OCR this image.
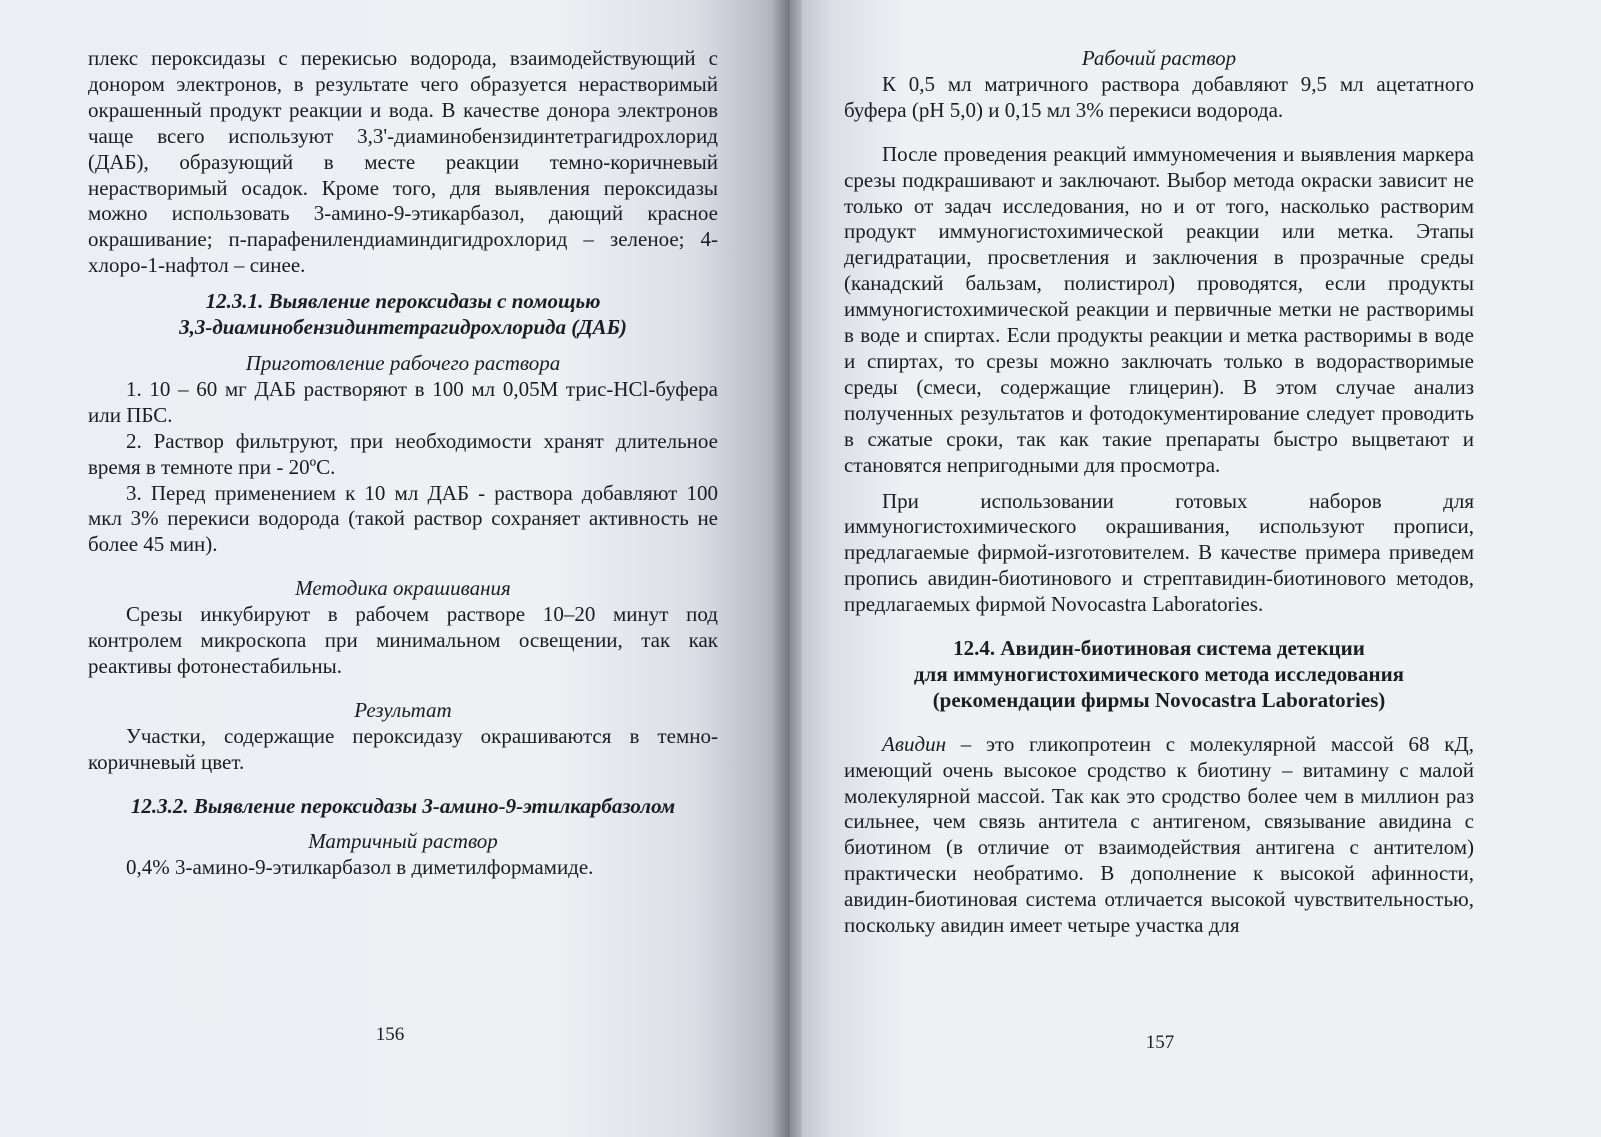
плекс пероксидазы с перекисью водорода, взаимодействующий с донором электронов, в результате чего образуется нерастворимый окрашенный продукт реакции и вода. В качестве донора электронов чаще всего используют 3,3'-диаминобензидинтетрагидрохлорид (ДАБ), образующий в месте реакции темно-коричневый нерастворимый осадок. Кроме того, для выявления пероксидазы можно использовать 3-амино-9-этикарбазол, дающий красное окрашивание; п-парафенилендиаминдигидрохлорид – зеленое; 4-хлоро-1-нафтол – синее.

12.3.1. Выявление пероксидазы с помощью

3,3-диаминобензидинтетрагидрохлорида (ДАБ)

Приготовление рабочего раствора

1. 10 – 60 мг ДАБ растворяют в 100 мл 0,05М трис-HCl-буфера или ПБС.

2. Раствор фильтруют, при необходимости хранят длительное время в темноте при - 20ºС.

3. Перед применением к 10 мл ДАБ - раствора добавляют 100 мкл 3% перекиси водорода (такой раствор сохраняет активность не более 45 мин).

Методика окрашивания

Срезы инкубируют в рабочем растворе 10–20 минут под контролем микроскопа при минимальном освещении, так как реактивы фотонестабильны.

Результат

Участки, содержащие пероксидазу окрашиваются в темно-коричневый цвет.

12.3.2. Выявление пероксидазы 3-амино-9-этилкарбазолом

Матричный раствор

0,4% 3-амино-9-этилкарбазол в диметилформамиде.

156

Рабочий раствор

К 0,5 мл матричного раствора добавляют 9,5 мл ацетатного буфера (рН 5,0) и 0,15 мл 3% перекиси водорода.

После проведения реакций иммуномечения и выявления маркера срезы подкрашивают и заключают. Выбор метода окраски зависит не только от задач исследования, но и от того, насколько растворим продукт иммуногистохимической реакции или метка. Этапы дегидратации, просветления и заключения в прозрачные среды (канадский бальзам, полистирол) проводятся, если продукты иммуногистохимической реакции и первичные метки не растворимы в воде и спиртах. Если продукты реакции и метка растворимы в воде и спиртах, то срезы можно заключать только в водорастворимые среды (смеси, содержащие глицерин). В этом случае анализ полученных результатов и фотодокументирование следует проводить в сжатые сроки, так как такие препараты быстро выцветают и становятся непригодными для просмотра.

При использовании готовых наборов для иммуногистохимического окрашивания, используют прописи, предлагаемые фирмой-изготовителем. В качестве примера приведем пропись авидин-биотинового и стрептавидин-биотинового методов, предлагаемых фирмой Novocastra Laboratories.

12.4. Авидин-биотиновая система детекции

для иммуногистохимического метода исследования

(рекомендации фирмы Novocastra Laboratories)

Авидин – это гликопротеин с молекулярной массой 68 кД, имеющий очень высокое сродство к биотину – витамину с малой молекулярной массой. Так как это сродство более чем в миллион раз сильнее, чем связь антитела с антигеном, связывание авидина с биотином (в отличие от взаимодействия антигена с антителом) практически необратимо. В дополнение к высокой афинности, авидин-биотиновая система отличается высокой чувствительностью, поскольку авидин имеет четыре участка для

157
